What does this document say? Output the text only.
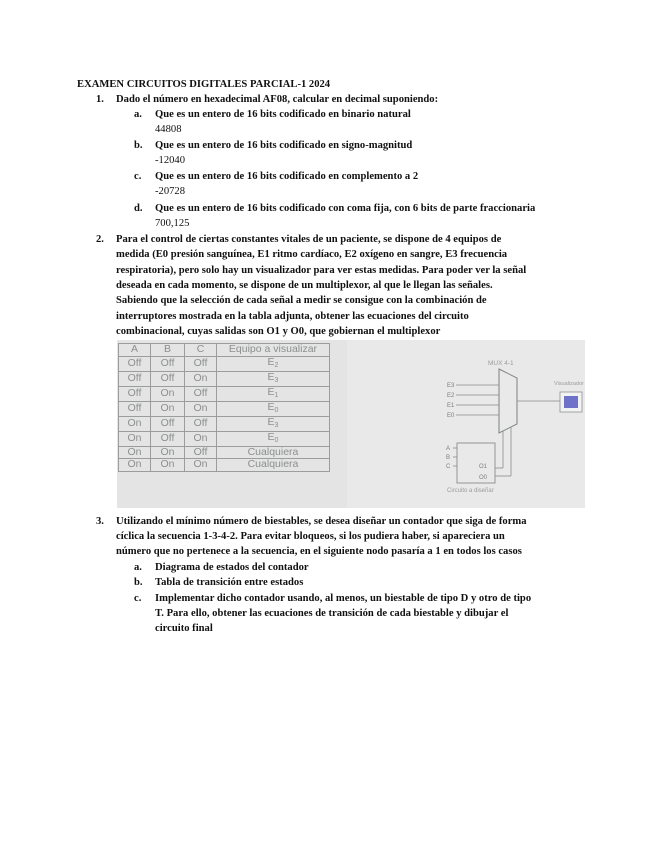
EXAMEN CIRCUITOS DIGITALES PARCIAL-1 2024
1. Dado el número en hexadecimal AF08, calcular en decimal suponiendo:
a. Que es un entero de 16 bits codificado en binario natural
44808
b. Que es un entero de 16 bits codificado en signo-magnitud
-12040
c. Que es un entero de 16 bits codificado en complemento a 2
-20728
d. Que es un entero de 16 bits codificado con coma fija, con 6 bits de parte fraccionaria
700,125
2. Para el control de ciertas constantes vitales de un paciente, se dispone de 4 equipos de
medida (E0 presión sanguínea, E1 ritmo cardíaco, E2 oxígeno en sangre, E3 frecuencia
respiratoria), pero solo hay un visualizador para ver estas medidas. Para poder ver la señal
deseada en cada momento, se dispone de un multiplexor, al que le llegan las señales.
Sabiendo que la selección de cada señal a medir se consigue con la combinación de
interruptores mostrada en la tabla adjunta, obtener las ecuaciones del circuito
combinacional, cuyas salidas son O1 y O0, que gobiernan el multiplexor
MUX 4-1
E3
E2
E1
E0
Visualizador
O1
O0
A
B
C
Circuito a diseñar
A	B	C	Equipo a visualizar
Off	Off	Off	$E_2$
Off	Off	On	$E_3$
Off	On	Off	$E_1$
Off	On	On	$E_0$
On	Off	Off	$E_3$
On	Off	On	$E_0$
On	On	Off	Cualquiera
On	On	On	Cualquiera
3. Utilizando el mínimo número de biestables, se desea diseñar un contador que siga de forma
cíclica la secuencia 1-3-4-2. Para evitar bloqueos, si los pudiera haber, si apareciera un
número que no pertenece a la secuencia, en el siguiente nodo pasaría a 1 en todos los casos
a. Diagrama de estados del contador
b. Tabla de transición entre estados
c. Implementar dicho contador usando, al menos, un biestable de tipo D y otro de tipo
T. Para ello, obtener las ecuaciones de transición de cada biestable y dibujar el
circuito final
